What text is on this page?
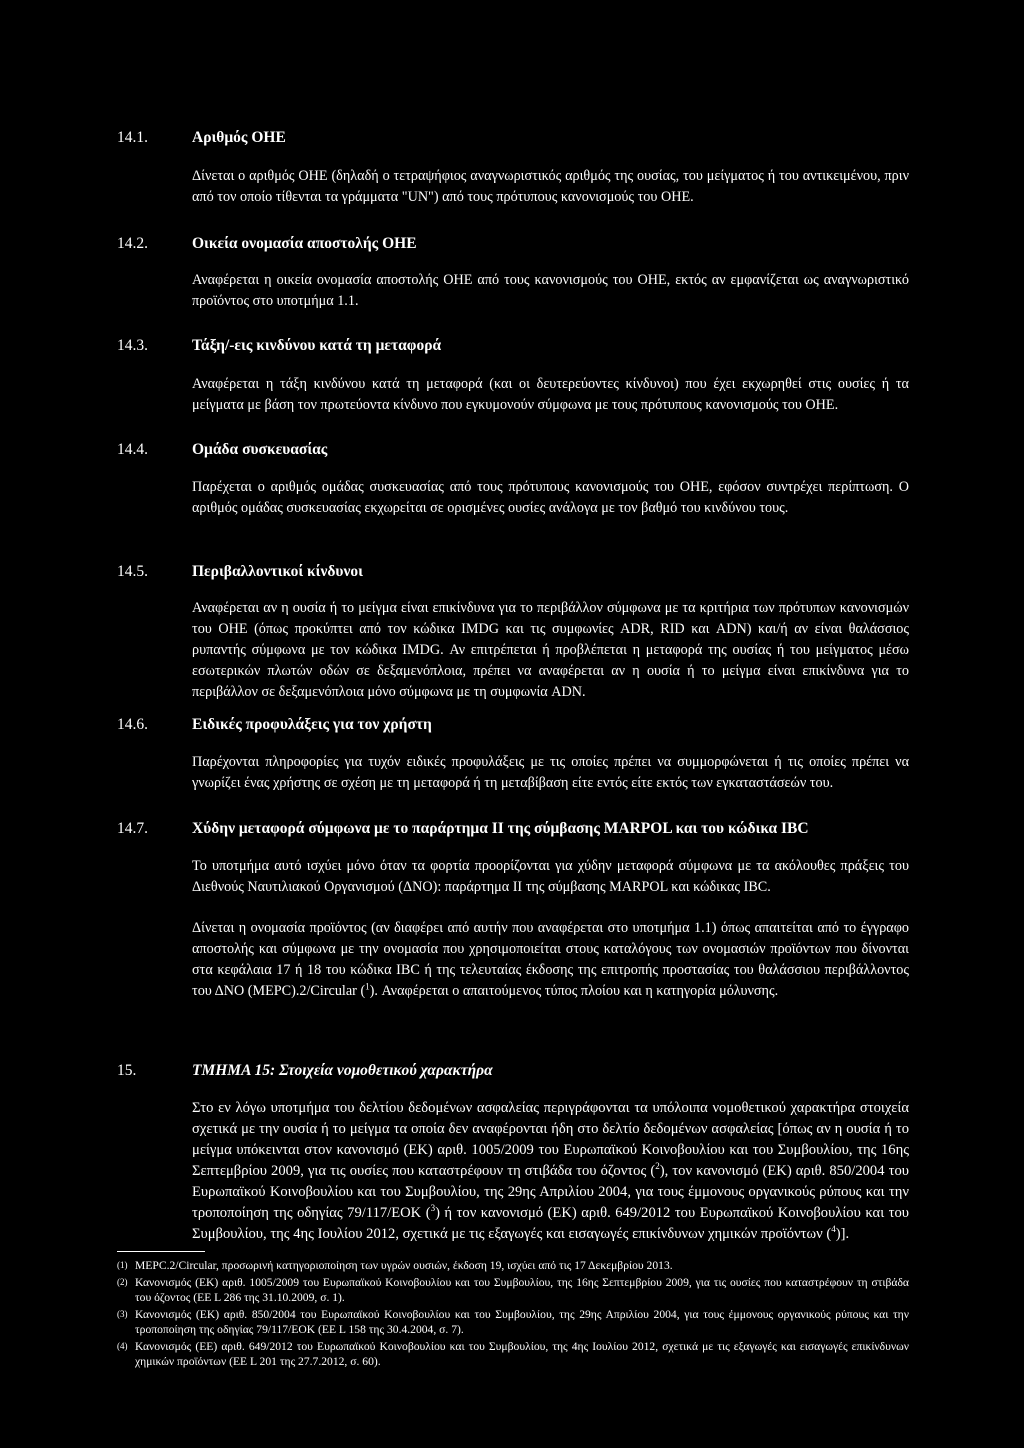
14.1.	Αριθμός ΟΗΕ
Δίνεται ο αριθμός ΟΗΕ (δηλαδή ο τετραψήφιος αναγνωριστικός αριθμός της ουσίας, του μείγματος ή του αντικειμένου, πριν από τον οποίο τίθενται τα γράμματα "UN") από τους πρότυπους κανονισμούς του ΟΗΕ.
14.2.	Οικεία ονομασία αποστολής ΟΗΕ
Αναφέρεται η οικεία ονομασία αποστολής ΟΗΕ από τους κανονισμούς του ΟΗΕ, εκτός αν εμφανίζεται ως αναγνωριστικό προϊόντος στο υποτμήμα 1.1.
14.3.	Τάξη/-εις κινδύνου κατά τη μεταφορά
Αναφέρεται η τάξη κινδύνου κατά τη μεταφορά (και οι δευτερεύοντες κίνδυνοι) που έχει εκχωρηθεί στις ουσίες ή τα μείγματα με βάση τον πρωτεύοντα κίνδυνο που εγκυμονούν σύμφωνα με τους πρότυπους κανονισμούς του ΟΗΕ.
14.4.	Ομάδα συσκευασίας
Παρέχεται ο αριθμός ομάδας συσκευασίας από τους πρότυπους κανονισμούς του ΟΗΕ, εφόσον συντρέχει περίπτωση. Ο αριθμός ομάδας συσκευασίας εκχωρείται σε ορισμένες ουσίες ανάλογα με τον βαθμό του κινδύνου τους.
14.5.	Περιβαλλοντικοί κίνδυνοι
Αναφέρεται αν η ουσία ή το μείγμα είναι επικίνδυνα για το περιβάλλον σύμφωνα με τα κριτήρια των πρότυπων κανονισμών του ΟΗΕ (όπως προκύπτει από τον κώδικα IMDG και τις συμφωνίες ADR, RID και ADN) και/ή αν είναι θαλάσσιος ρυπαντής σύμφωνα με τον κώδικα IMDG. Αν επιτρέπεται ή προβλέπεται η μεταφορά της ουσίας ή του μείγματος μέσω εσωτερικών πλωτών οδών σε δεξαμενόπλοια, πρέπει να αναφέρεται αν η ουσία ή το μείγμα είναι επικίνδυνα για το περιβάλλον σε δεξαμενόπλοια μόνο σύμφωνα με τη συμφωνία ADN.
14.6.	Ειδικές προφυλάξεις για τον χρήστη
Παρέχονται πληροφορίες για τυχόν ειδικές προφυλάξεις με τις οποίες πρέπει να συμμορφώνεται ή τις οποίες πρέπει να γνωρίζει ένας χρήστης σε σχέση με τη μεταφορά ή τη μεταβίβαση είτε εντός είτε εκτός των εγκαταστάσεών του.
14.7.	Χύδην μεταφορά σύμφωνα με το παράρτημα II της σύμβασης MARPOL και του κώδικα IBC
Το υποτμήμα αυτό ισχύει μόνο όταν τα φορτία προορίζονται για χύδην μεταφορά σύμφωνα με τα ακόλουθες πράξεις του Διεθνούς Ναυτιλιακού Οργανισμού (ΔΝΟ): παράρτημα II της σύμβασης MARPOL και κώδικας IBC.
Δίνεται η ονομασία προϊόντος (αν διαφέρει από αυτήν που αναφέρεται στο υποτμήμα 1.1) όπως απαιτείται από το έγγραφο αποστολής και σύμφωνα με την ονομασία που χρησιμοποιείται στους καταλόγους των ονομασιών προϊόντων που δίνονται στα κεφάλαια 17 ή 18 του κώδικα IBC ή της τελευταίας έκδοσης της επιτροπής προστασίας του θαλάσσιου περιβάλλοντος του ΔΝΟ (MEPC).2/Circular ($^1$). Αναφέρεται ο απαιτούμενος τύπος πλοίου και η κατηγορία μόλυνσης.
15.	ΤΜΗΜΑ 15: Στοιχεία νομοθετικού χαρακτήρα
Στο εν λόγω υποτμήμα του δελτίου δεδομένων ασφαλείας περιγράφονται τα υπόλοιπα νομοθετικού χαρακτήρα στοιχεία σχετικά με την ουσία ή το μείγμα τα οποία δεν αναφέρονται ήδη στο δελτίο δεδομένων ασφαλείας [όπως αν η ουσία ή το μείγμα υπόκεινται στον κανονισμό (ΕΚ) αριθ. 1005/2009 του Ευρωπαϊκού Κοινοβουλίου και του Συμβουλίου, της 16ης Σεπτεμβρίου 2009, για τις ουσίες που καταστρέφουν τη στιβάδα του όζοντος ($^2$), τον κανονισμό (ΕΚ) αριθ. 850/2004 του Ευρωπαϊκού Κοινοβουλίου και του Συμβουλίου, της 29ης Απριλίου 2004, για τους έμμονους οργανικούς ρύπους και την τροποποίηση της οδηγίας 79/117/ΕΟΚ ($^3$) ή τον κανονισμό (ΕΚ) αριθ. 649/2012 του Ευρωπαϊκού Κοινοβουλίου και του Συμβουλίου, της 4ης Ιουλίου 2012, σχετικά με τις εξαγωγές και εισαγωγές επικίνδυνων χημικών προϊόντων ($^4$)].
(1) MEPC.2/Circular, προσωρινή κατηγοριοποίηση των υγρών ουσιών, έκδοση 19, ισχύει από τις 17 Δεκεμβρίου 2013.
(2) Κανονισμός (ΕΚ) αριθ. 1005/2009 του Ευρωπαϊκού Κοινοβουλίου και του Συμβουλίου, της 16ης Σεπτεμβρίου 2009, για τις ουσίες που καταστρέφουν τη στιβάδα του όζοντος (ΕΕ L 286 της 31.10.2009, σ. 1).
(3) Κανονισμός (ΕΚ) αριθ. 850/2004 του Ευρωπαϊκού Κοινοβουλίου και του Συμβουλίου, της 29ης Απριλίου 2004, για τους έμμονους οργανικούς ρύπους και την τροποποίηση της οδηγίας 79/117/ΕΟΚ (ΕΕ L 158 της 30.4.2004, σ. 7).
(4) Κανονισμός (ΕΕ) αριθ. 649/2012 του Ευρωπαϊκού Κοινοβουλίου και του Συμβουλίου, της 4ης Ιουλίου 2012, σχετικά με τις εξαγωγές και εισαγωγές επικίνδυνων χημικών προϊόντων (ΕΕ L 201 της 27.7.2012, σ. 60).
